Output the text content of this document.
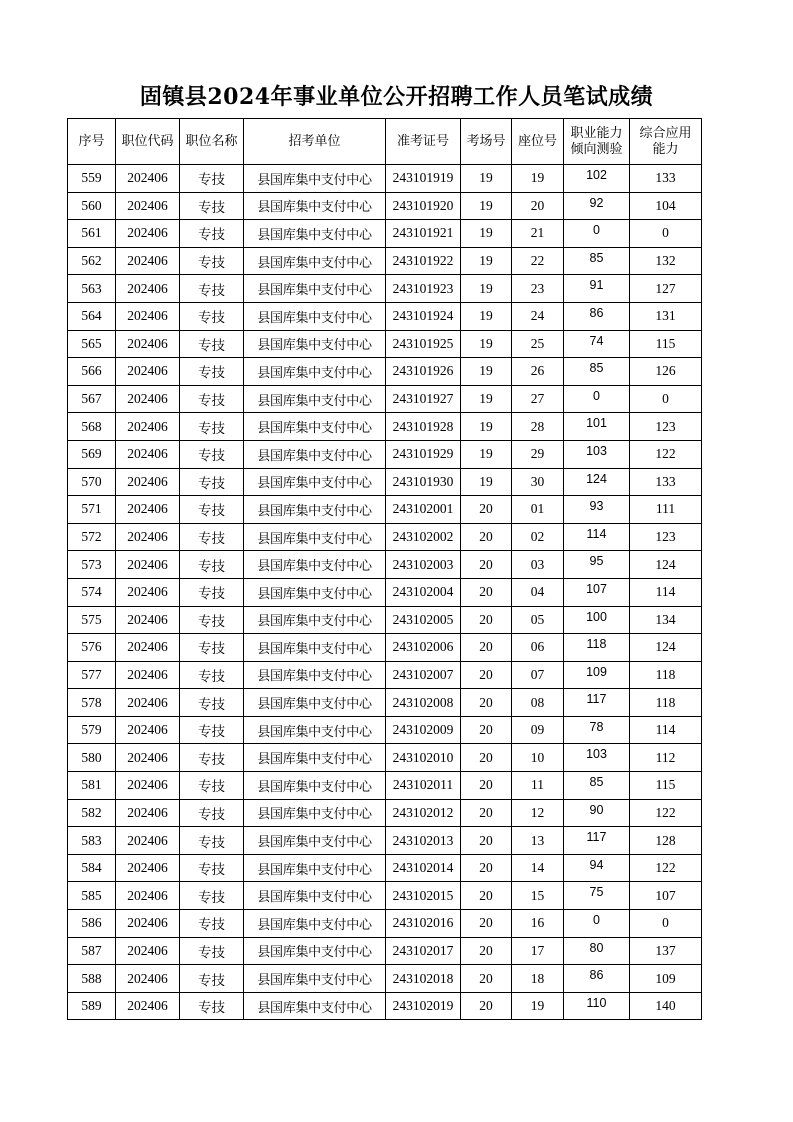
固镇县2024年事业单位公开招聘工作人员笔试成绩
序号	职位代码	职位名称	招考单位	准考证号	考场号	座位号	职业能力倾向测验	综合应用能力
559	202406	专技	县国库集中支付中心	243101919	19	19	102	133
560	202406	专技	县国库集中支付中心	243101920	19	20	92	104
561	202406	专技	县国库集中支付中心	243101921	19	21	0	0
562	202406	专技	县国库集中支付中心	243101922	19	22	85	132
563	202406	专技	县国库集中支付中心	243101923	19	23	91	127
564	202406	专技	县国库集中支付中心	243101924	19	24	86	131
565	202406	专技	县国库集中支付中心	243101925	19	25	74	115
566	202406	专技	县国库集中支付中心	243101926	19	26	85	126
567	202406	专技	县国库集中支付中心	243101927	19	27	0	0
568	202406	专技	县国库集中支付中心	243101928	19	28	101	123
569	202406	专技	县国库集中支付中心	243101929	19	29	103	122
570	202406	专技	县国库集中支付中心	243101930	19	30	124	133
571	202406	专技	县国库集中支付中心	243102001	20	01	93	111
572	202406	专技	县国库集中支付中心	243102002	20	02	114	123
573	202406	专技	县国库集中支付中心	243102003	20	03	95	124
574	202406	专技	县国库集中支付中心	243102004	20	04	107	114
575	202406	专技	县国库集中支付中心	243102005	20	05	100	134
576	202406	专技	县国库集中支付中心	243102006	20	06	118	124
577	202406	专技	县国库集中支付中心	243102007	20	07	109	118
578	202406	专技	县国库集中支付中心	243102008	20	08	117	118
579	202406	专技	县国库集中支付中心	243102009	20	09	78	114
580	202406	专技	县国库集中支付中心	243102010	20	10	103	112
581	202406	专技	县国库集中支付中心	243102011	20	11	85	115
582	202406	专技	县国库集中支付中心	243102012	20	12	90	122
583	202406	专技	县国库集中支付中心	243102013	20	13	117	128
584	202406	专技	县国库集中支付中心	243102014	20	14	94	122
585	202406	专技	县国库集中支付中心	243102015	20	15	75	107
586	202406	专技	县国库集中支付中心	243102016	20	16	0	0
587	202406	专技	县国库集中支付中心	243102017	20	17	80	137
588	202406	专技	县国库集中支付中心	243102018	20	18	86	109
589	202406	专技	县国库集中支付中心	243102019	20	19	110	140
